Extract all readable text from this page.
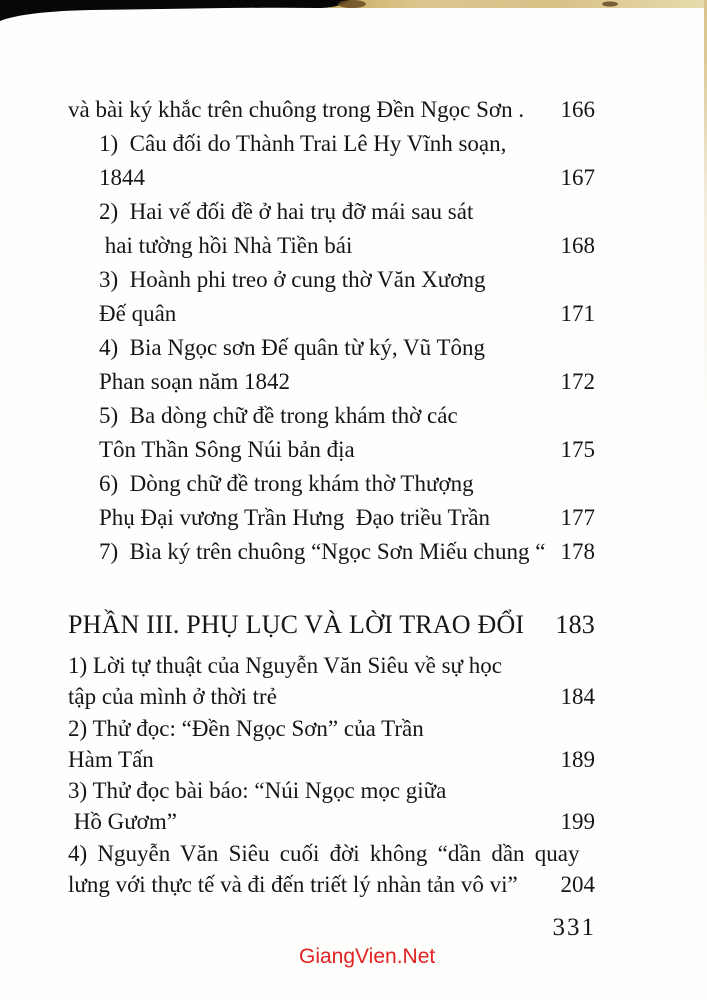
và bài ký khắc trên chuông trong Đền Ngọc Sơn . 166
1)  Câu đối do Thành Trai Lê Hy Vĩnh soạn,
1844	167
2)  Hai vế đối đề ở hai trụ đỡ mái sau sát
hai tường hồi Nhà Tiền bái	168
3)  Hoành phi treo ở cung thờ Văn Xương
Đế quân	171
4)  Bia Ngọc sơn Đế quân từ ký, Vũ Tông
Phan soạn năm 1842	172
5)  Ba dòng chữ đề trong khám thờ các
Tôn Thần Sông Núi bản địa	175
6)  Dòng chữ đề trong khám thờ Thượng
Phụ Đại vương Trần Hưng  Đạo triều Trần	177
7)  Bìa ký trên chuông “Ngọc Sơn Miếu chung “ 178
PHẦN III. PHỤ LỤC VÀ LỜI TRAO ĐỔI 183
1) Lời tự thuật của Nguyễn Văn Siêu về sự học
tập của mình ở thời trẻ	184
2) Thử đọc: “Đền Ngọc Sơn” của Trần
Hàm Tấn	189
3) Thử đọc bài báo: “Núi Ngọc mọc giữa
Hồ Gươm”	199
4) Nguyễn Văn Siêu cuối đời không “dần dần quay
lưng với thực tế và đi đến triết lý nhàn tản vô vi” 204
331
GiangVien.Net
